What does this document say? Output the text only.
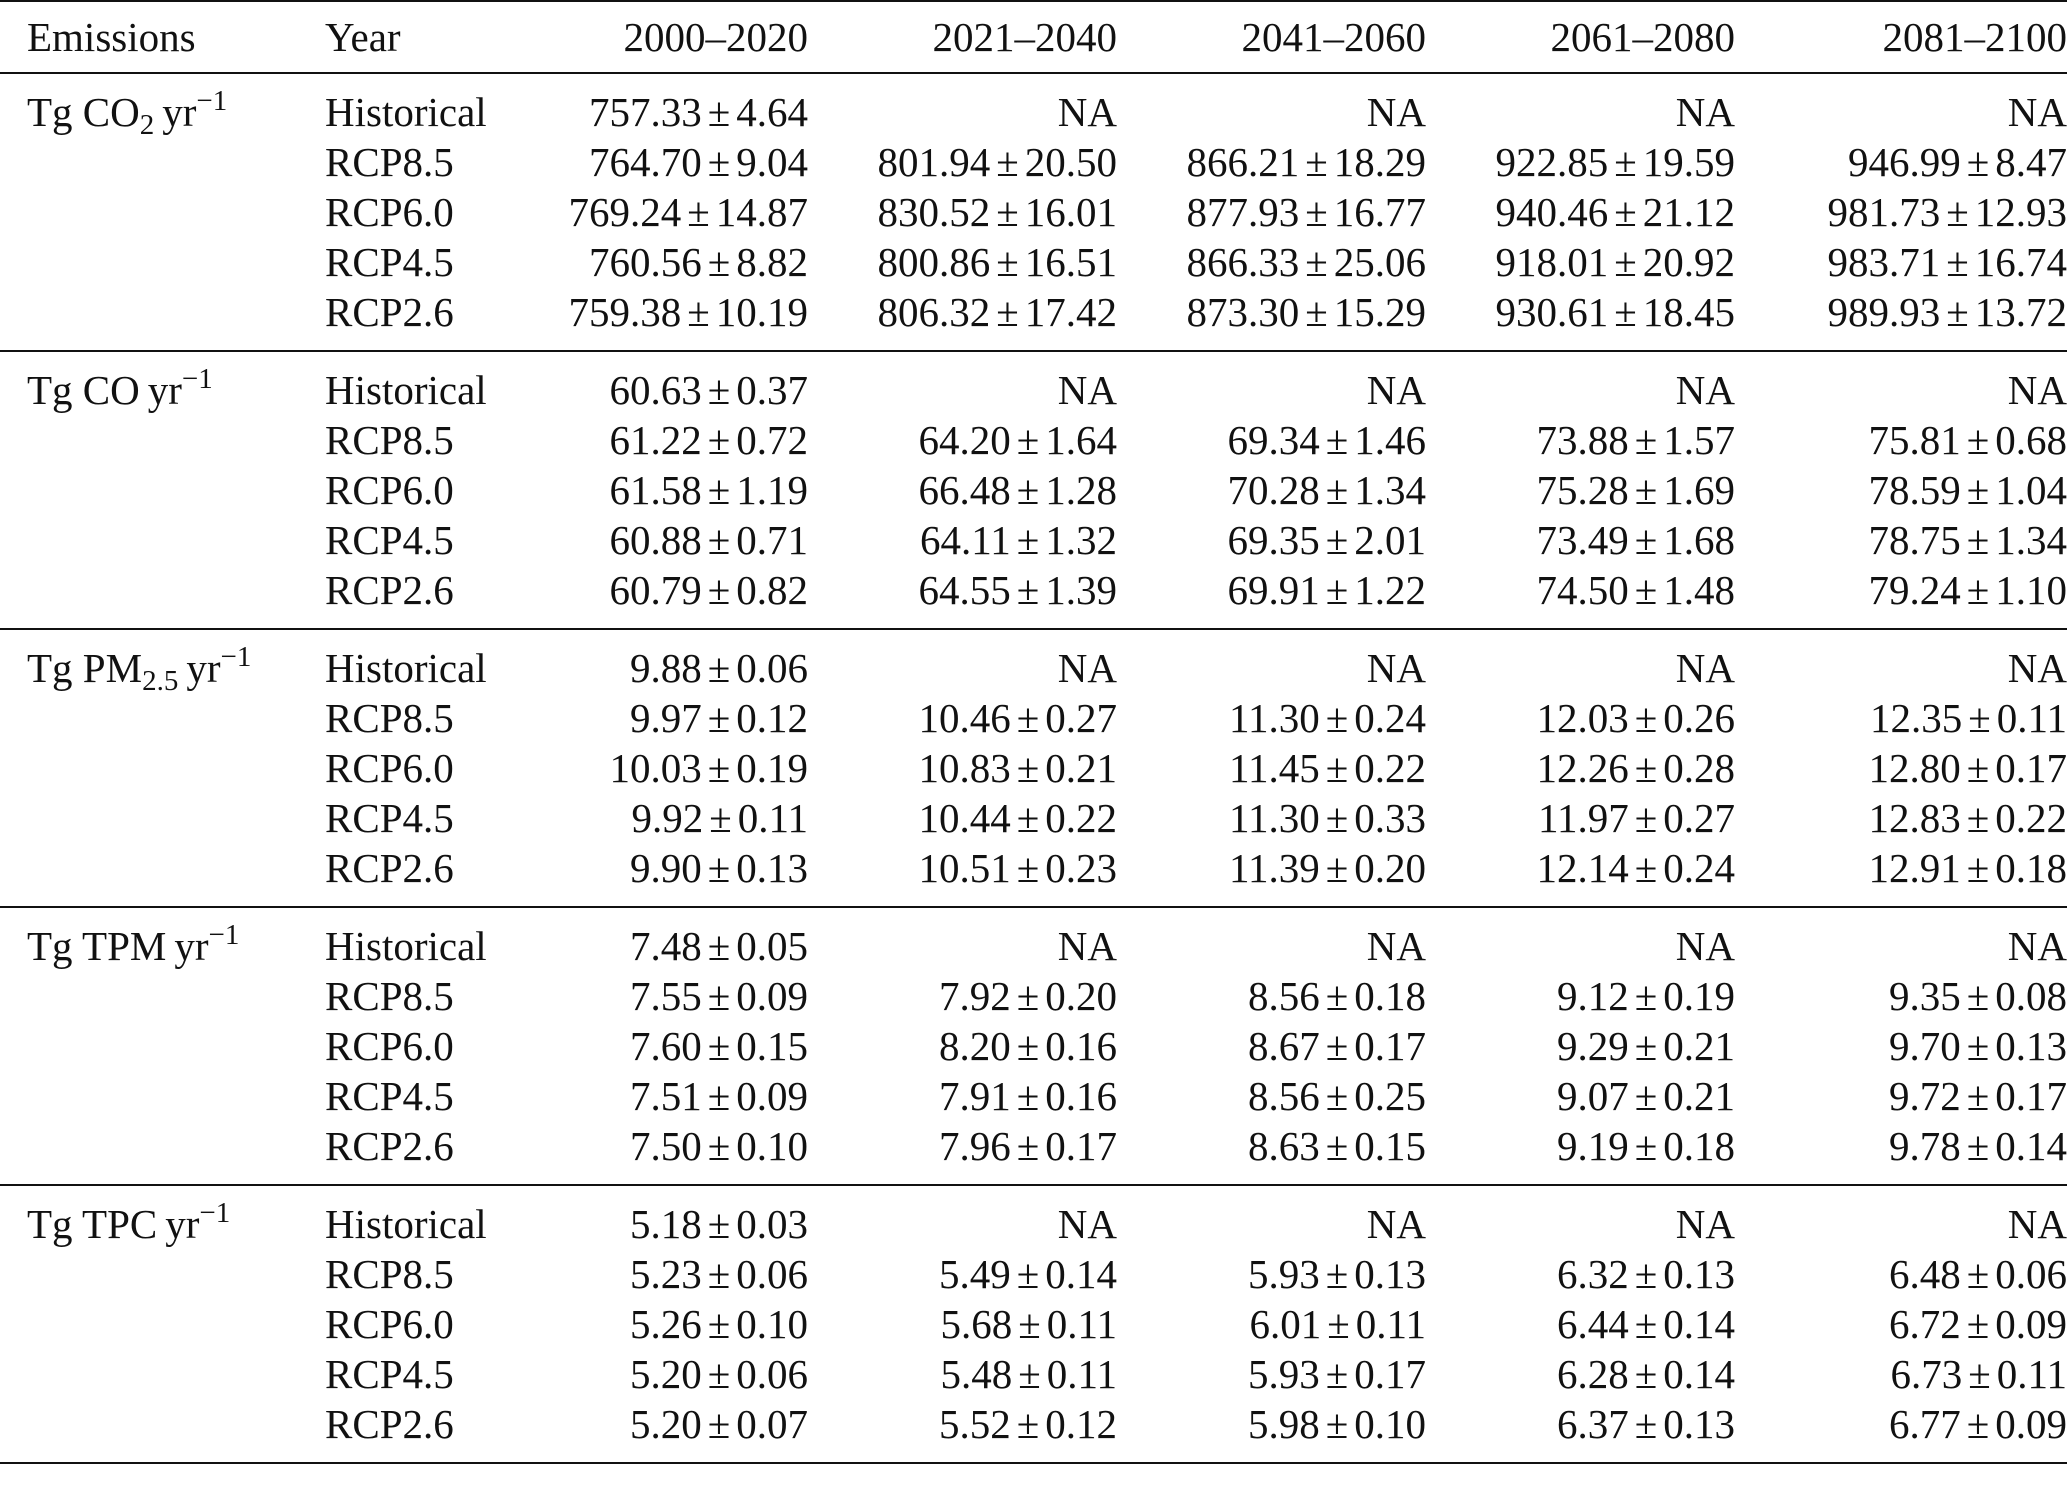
Emissions	Year	2000–2020	2021–2040	2041–2060	2061–2080	2081–2100
Tg $CO_2$ $yr^{-1}$	Historical	757.33 ± 4.64	NA	NA	NA	NA
	RCP8.5	764.70 ± 9.04	801.94 ± 20.50	866.21 ± 18.29	922.85 ± 19.59	946.99 ± 8.47
	RCP6.0	769.24 ± 14.87	830.52 ± 16.01	877.93 ± 16.77	940.46 ± 21.12	981.73 ± 12.93
	RCP4.5	760.56 ± 8.82	800.86 ± 16.51	866.33 ± 25.06	918.01 ± 20.92	983.71 ± 16.74
	RCP2.6	759.38 ± 10.19	806.32 ± 17.42	873.30 ± 15.29	930.61 ± 18.45	989.93 ± 13.72
Tg CO $yr^{-1}$	Historical	60.63 ± 0.37	NA	NA	NA	NA
	RCP8.5	61.22 ± 0.72	64.20 ± 1.64	69.34 ± 1.46	73.88 ± 1.57	75.81 ± 0.68
	RCP6.0	61.58 ± 1.19	66.48 ± 1.28	70.28 ± 1.34	75.28 ± 1.69	78.59 ± 1.04
	RCP4.5	60.88 ± 0.71	64.11 ± 1.32	69.35 ± 2.01	73.49 ± 1.68	78.75 ± 1.34
	RCP2.6	60.79 ± 0.82	64.55 ± 1.39	69.91 ± 1.22	74.50 ± 1.48	79.24 ± 1.10
Tg $PM_{2.5}$ $yr^{-1}$	Historical	9.88 ± 0.06	NA	NA	NA	NA
	RCP8.5	9.97 ± 0.12	10.46 ± 0.27	11.30 ± 0.24	12.03 ± 0.26	12.35 ± 0.11
	RCP6.0	10.03 ± 0.19	10.83 ± 0.21	11.45 ± 0.22	12.26 ± 0.28	12.80 ± 0.17
	RCP4.5	9.92 ± 0.11	10.44 ± 0.22	11.30 ± 0.33	11.97 ± 0.27	12.83 ± 0.22
	RCP2.6	9.90 ± 0.13	10.51 ± 0.23	11.39 ± 0.20	12.14 ± 0.24	12.91 ± 0.18
Tg TPM $yr^{-1}$	Historical	7.48 ± 0.05	NA	NA	NA	NA
	RCP8.5	7.55 ± 0.09	7.92 ± 0.20	8.56 ± 0.18	9.12 ± 0.19	9.35 ± 0.08
	RCP6.0	7.60 ± 0.15	8.20 ± 0.16	8.67 ± 0.17	9.29 ± 0.21	9.70 ± 0.13
	RCP4.5	7.51 ± 0.09	7.91 ± 0.16	8.56 ± 0.25	9.07 ± 0.21	9.72 ± 0.17
	RCP2.6	7.50 ± 0.10	7.96 ± 0.17	8.63 ± 0.15	9.19 ± 0.18	9.78 ± 0.14
Tg TPC $yr^{-1}$	Historical	5.18 ± 0.03	NA	NA	NA	NA
	RCP8.5	5.23 ± 0.06	5.49 ± 0.14	5.93 ± 0.13	6.32 ± 0.13	6.48 ± 0.06
	RCP6.0	5.26 ± 0.10	5.68 ± 0.11	6.01 ± 0.11	6.44 ± 0.14	6.72 ± 0.09
	RCP4.5	5.20 ± 0.06	5.48 ± 0.11	5.93 ± 0.17	6.28 ± 0.14	6.73 ± 0.11
	RCP2.6	5.20 ± 0.07	5.52 ± 0.12	5.98 ± 0.10	6.37 ± 0.13	6.77 ± 0.09
